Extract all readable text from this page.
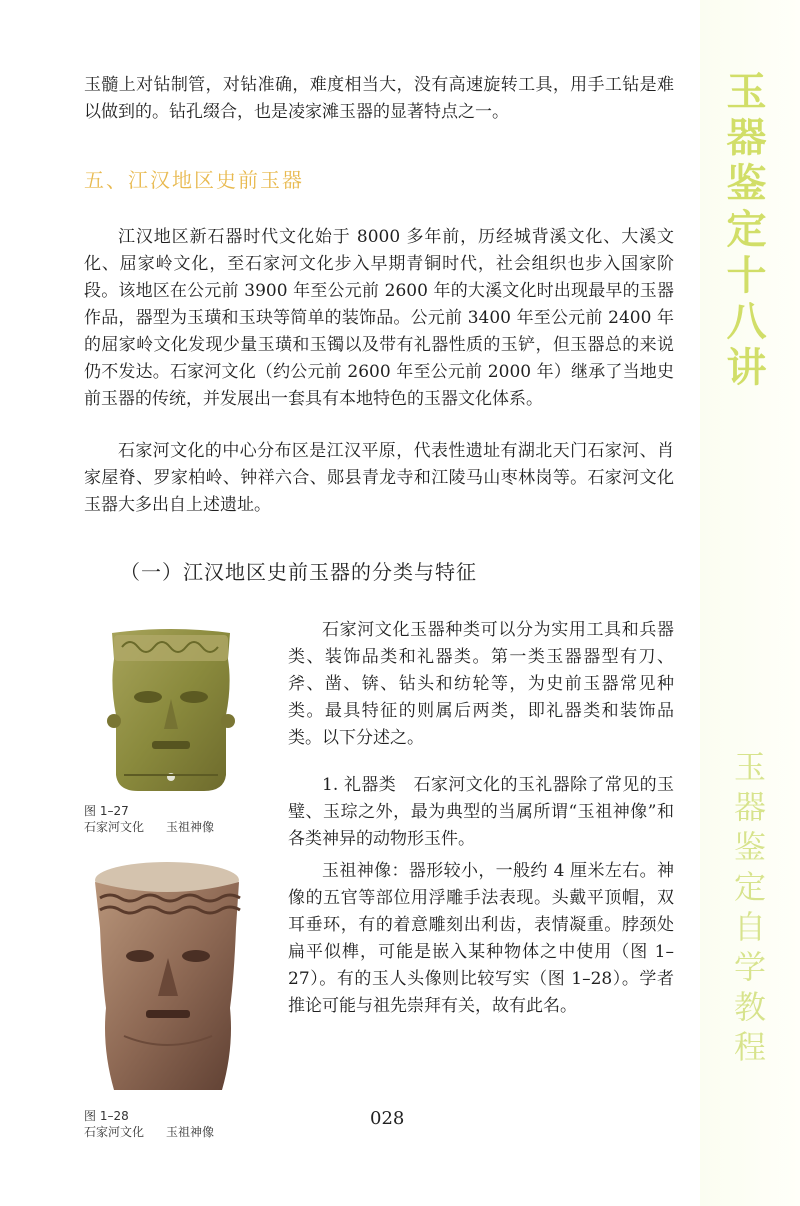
玉器鉴定十八讲
玉器鉴定自学教程

玉髓上对钻制管，对钻准确，难度相当大，没有高速旋转工具，用手工钻是难以做到的。钻孔缀合，也是凌家滩玉器的显著特点之一。

五、江汉地区史前玉器

江汉地区新石器时代文化始于 8000 多年前，历经城背溪文化、大溪文化、屈家岭文化，至石家河文化步入早期青铜时代，社会组织也步入国家阶段。该地区在公元前 3900 年至公元前 2600 年的大溪文化时出现最早的玉器作品，器型为玉璜和玉玦等简单的装饰品。公元前 3400 年至公元前 2400 年的屈家岭文化发现少量玉璜和玉镯以及带有礼器性质的玉铲，但玉器总的来说仍不发达。石家河文化（约公元前 2600 年至公元前 2000 年）继承了当地史前玉器的传统，并发展出一套具有本地特色的玉器文化体系。

石家河文化的中心分布区是江汉平原，代表性遗址有湖北天门石家河、肖家屋脊、罗家柏岭、钟祥六合、郧县青龙寺和江陵马山枣林岗等。石家河文化玉器大多出自上述遗址。

（一）江汉地区史前玉器的分类与特征

石家河文化玉器种类可以分为实用工具和兵器类、装饰品类和礼器类。第一类玉器器型有刀、斧、凿、锛、钻头和纺轮等，为史前玉器常见种类。最具特征的则属后两类，即礼器类和装饰品类。以下分述之。

1. 礼器类　石家河文化的玉礼器除了常见的玉璧、玉琮之外，最为典型的当属所谓“玉祖神像”和各类神异的动物形玉件。

玉祖神像：器形较小，一般约 4 厘米左右。神像的五官等部位用浮雕手法表现。头戴平顶帽，双耳垂环，有的着意雕刻出利齿，表情凝重。脖颈处扁平似榫，可能是嵌入某种物体之中使用（图 1–27）。有的玉人头像则比较写实（图 1–28）。学者推论可能与祖先崇拜有关，故有此名。

图 1–27
石家河文化 玉祖神像
图 1–28
石家河文化 玉祖神像
028
